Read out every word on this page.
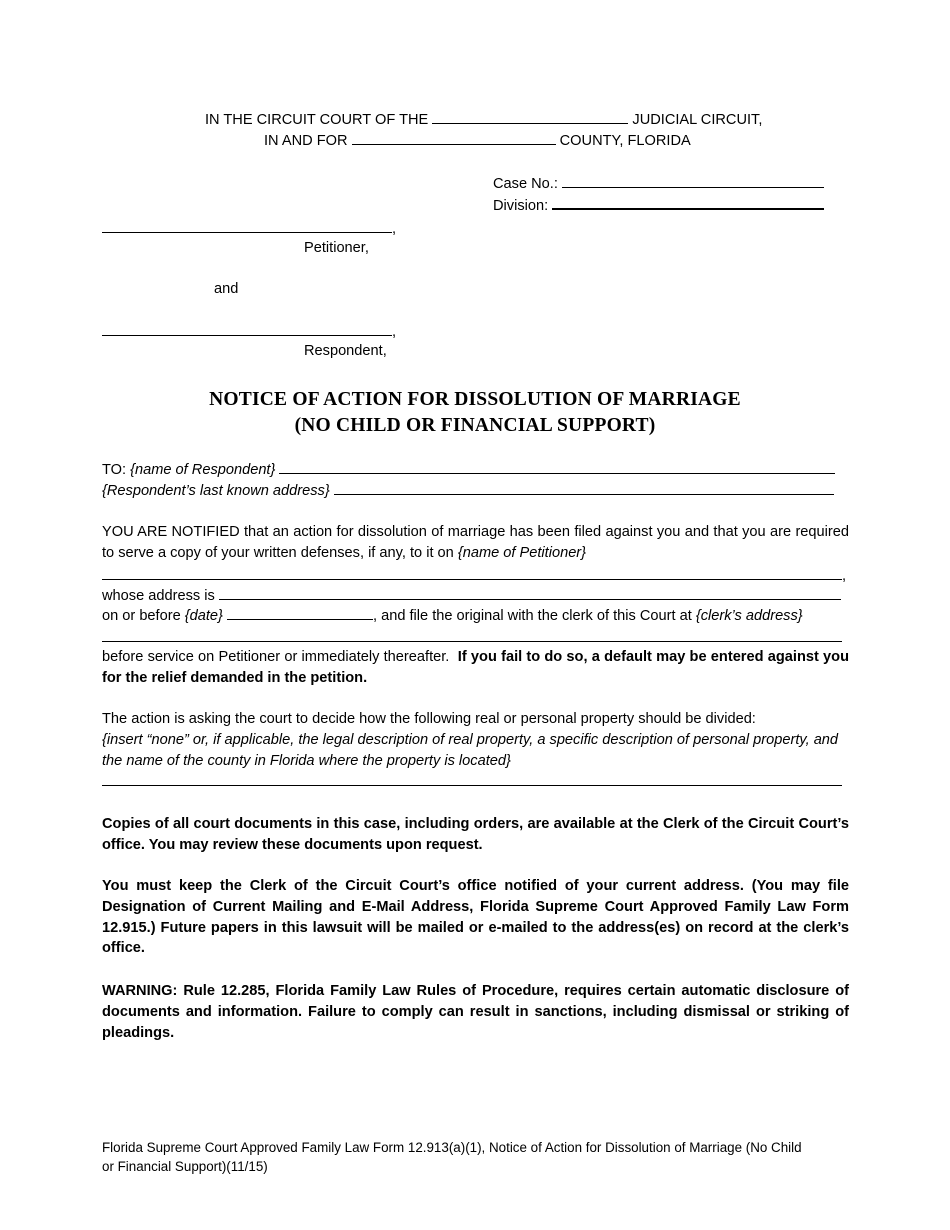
IN THE CIRCUIT COURT OF THE	JUDICIAL CIRCUIT,
IN AND FOR	COUNTY, FLORIDA
Case No.:
Division:
,
Petitioner,
and
,
Respondent,
NOTICE OF ACTION FOR DISSOLUTION OF MARRIAGE
(NO CHILD OR FINANCIAL SUPPORT)
TO: {name of Respondent}
{Respondent’s last known address}
YOU ARE NOTIFIED that an action for dissolution of marriage has been filed against you and that you are required to serve a copy of your written defenses, if any, to it on {name of Petitioner}
,
whose address is
on or before {date}	, and file the original with the clerk of this Court at {clerk’s address}
before service on Petitioner or immediately thereafter. If you fail to do so, a default may be entered against you for the relief demanded in the petition.
The action is asking the court to decide how the following real or personal property should be divided:
{insert “none” or, if applicable, the legal description of real property, a specific description of personal property, and the name of the county in Florida where the property is located}
Copies of all court documents in this case, including orders, are available at the Clerk of the Circuit Court’s office. You may review these documents upon request.
You must keep the Clerk of the Circuit Court’s office notified of your current address. (You may file Designation of Current Mailing and E-Mail Address, Florida Supreme Court Approved Family Law Form 12.915.) Future papers in this lawsuit will be mailed or e-mailed to the address(es) on record at the clerk’s office.
WARNING: Rule 12.285, Florida Family Law Rules of Procedure, requires certain automatic disclosure of documents and information. Failure to comply can result in sanctions, including dismissal or striking of pleadings.
Florida Supreme Court Approved Family Law Form 12.913(a)(1), Notice of Action for Dissolution of Marriage (No Child
or Financial Support)(11/15)
